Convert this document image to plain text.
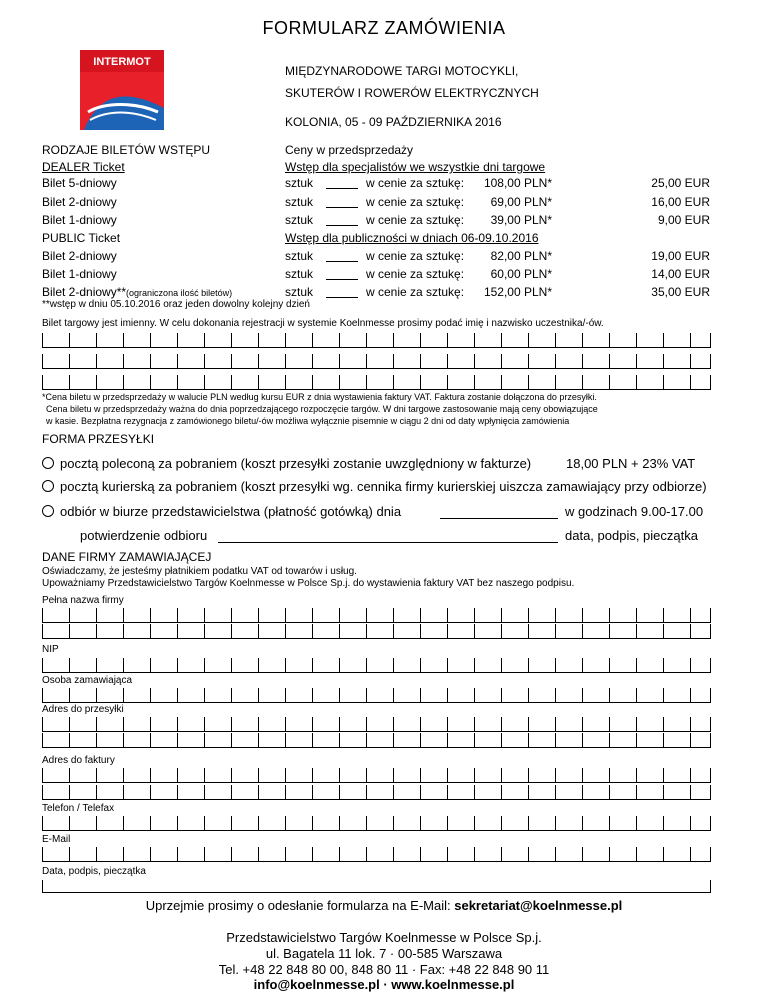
FORMULARZ ZAMÓWIENIA
INTERMOT
MIĘDZYNARODOWE TARGI MOTOCYKLI,
SKUTERÓW I ROWERÓW ELEKTRYCZNYCH
KOLONIA, 05 - 09 PAŹDZIERNIKA 2016
RODZAJE BILETÓW WSTĘPU	Ceny w przedsprzedaży
DEALER Ticket	Wstęp dla specjalistów we wszystkie dni targowe
Bilet 5-dniowy	sztuk	w cenie za sztukę:	108,00 PLN*	25,00 EUR
Bilet 2-dniowy	sztuk	w cenie za sztukę:	69,00 PLN*	16,00 EUR
Bilet 1-dniowy	sztuk	w cenie za sztukę:	39,00 PLN*	9,00 EUR
PUBLIC Ticket	Wstęp dla publiczności w dniach 06-09.10.2016
Bilet 2-dniowy	sztuk	w cenie za sztukę:	82,00 PLN*	19,00 EUR
Bilet 1-dniowy	sztuk	w cenie za sztukę:	60,00 PLN*	14,00 EUR
Bilet 2-dniowy**(ograniczona ilość biletów)	sztuk	w cenie za sztukę:	152,00 PLN*	35,00 EUR
**wstęp w dniu 05.10.2016 oraz jeden dowolny kolejny dzień
Bilet targowy jest imienny. W celu dokonania rejestracji w systemie Koelnmesse prosimy podać imię i nazwisko uczestnika/-ów.
*Cena biletu w przedsprzedaży w walucie PLN według kursu EUR z dnia wystawienia faktury VAT. Faktura zostanie dołączona do przesyłki.
Cena biletu w przedsprzedaży ważna do dnia poprzedzającego rozpoczęcie targów. W dni targowe zastosowanie mają ceny obowiązujące
w kasie. Bezpłatna rezygnacja z zamówionego biletu/-ów możliwa wyłącznie pisemnie w ciągu 2 dni od daty wpłynięcia zamówienia
FORMA PRZESYŁKI
pocztą poleconą za pobraniem (koszt przesyłki zostanie uwzględniony w fakturze)	18,00 PLN + 23% VAT
pocztą kurierską za pobraniem (koszt przesyłki wg. cennika firmy kurierskiej uiszcza zamawiający przy odbiorze)
odbiór w biurze przedstawicielstwa (płatność gotówką) dnia	w godzinach 9.00-17.00
potwierdzenie odbioru	data, podpis, pieczątka
DANE FIRMY ZAMAWIAJĄCEJ
Oświadczamy, że jesteśmy płatnikiem podatku VAT od towarów i usług.
Upoważniamy Przedstawicielstwo Targów Koelnmesse w Polsce Sp.j. do wystawienia faktury VAT bez naszego podpisu.
Pełna nazwa firmy
NIP
Osoba zamawiająca
Adres do przesyłki
Adres do faktury
Telefon / Telefax
E-Mail
Data, podpis, pieczątka
Uprzejmie prosimy o odesłanie formularza na E-Mail: sekretariat@koelnmesse.pl
Przedstawicielstwo Targów Koelnmesse w Polsce Sp.j.
ul. Bagatela 11 lok. 7 · 00-585 Warszawa
Tel. +48 22 848 80 00, 848 80 11 · Fax: +48 22 848 90 11
info@koelnmesse.pl · www.koelnmesse.pl
